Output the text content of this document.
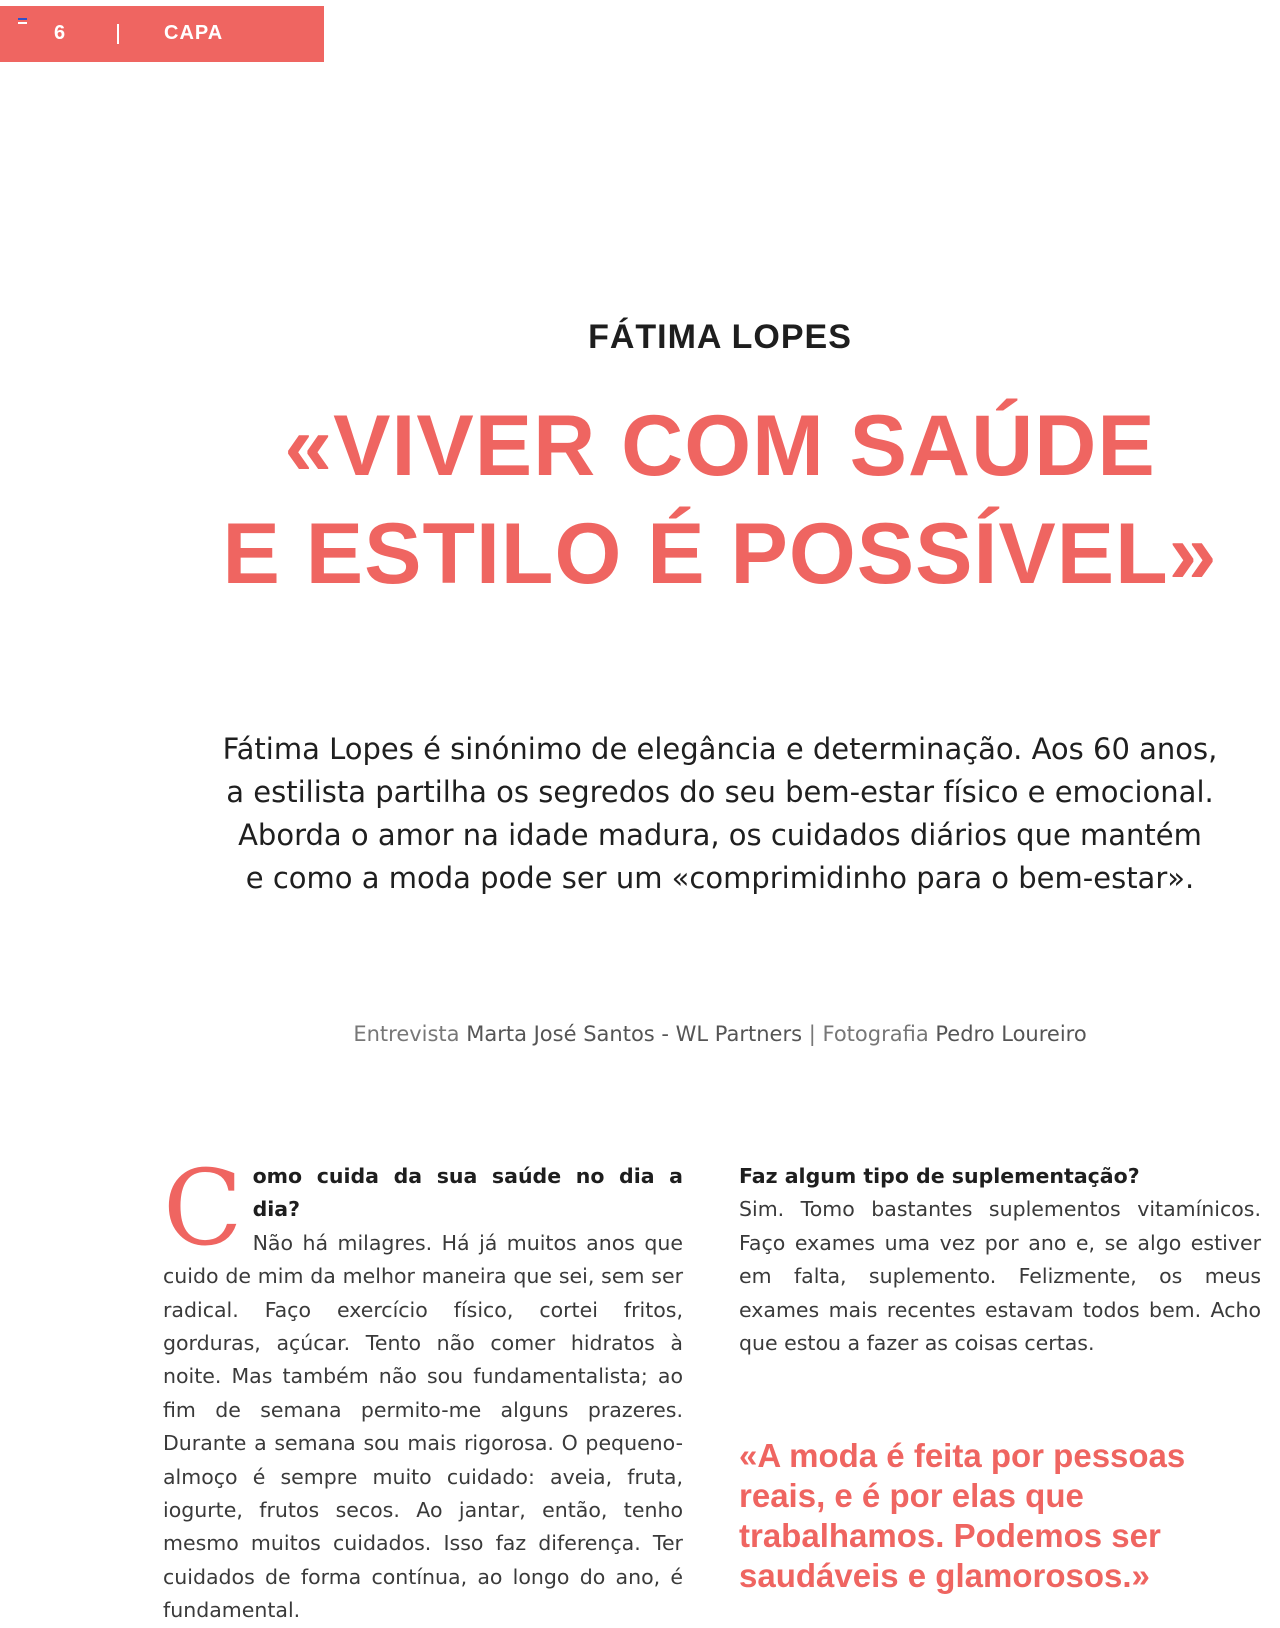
6	CAPA
FÁTIMA LOPES
«VIVER COM SAÚDE
E ESTILO É POSSÍVEL»
Fátima Lopes é sinónimo de elegância e determinação. Aos 60 anos,
a estilista partilha os segredos do seu bem-estar físico e emocional.
Aborda o amor na idade madura, os cuidados diários que mantém
e como a moda pode ser um «comprimidinho para o bem-estar».
Entrevista Marta José Santos - WL Partners | Fotografia Pedro Loureiro
C omo cuida da sua saúde no dia a dia?
Não há milagres. Há já muitos anos que cuido de mim da melhor maneira que sei, sem ser radical. Faço exercício físico, cortei fritos, gorduras, açúcar. Tento não comer hidratos à noite. Mas também não sou fundamentalista; ao fim de semana permito-me alguns prazeres. Durante a semana sou mais rigorosa. O pequeno-almoço é sempre muito cuidado: aveia, fruta, iogurte, frutos secos. Ao jantar, então, tenho mesmo muitos cuidados. Isso faz diferença. Ter cuidados de forma contínua, ao longo do ano, é fundamental.
Faz algum tipo de suplementação?
Sim. Tomo bastantes suplementos vitamínicos. Faço exames uma vez por ano e, se algo estiver em falta, suplemento. Felizmente, os meus exames mais recentes estavam todos bem. Acho que estou a fazer as coisas certas.
«A moda é feita por pessoas reais, e é por elas que trabalhamos. Podemos ser saudáveis e glamorosos.»
